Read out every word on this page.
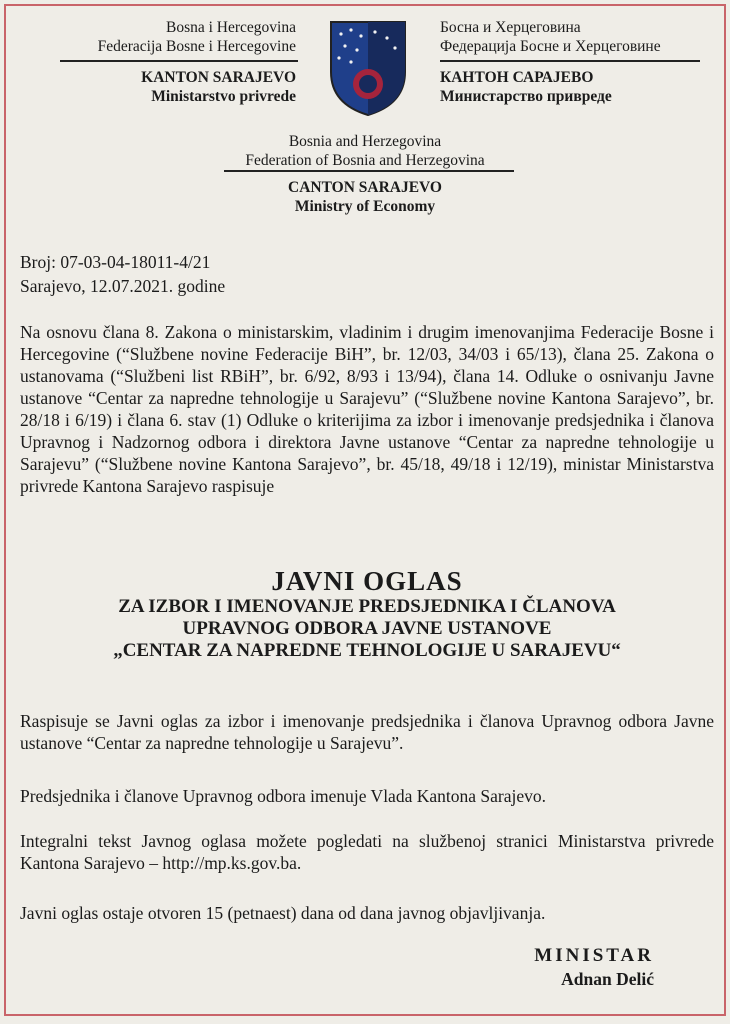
Bosna i Hercegovina
Federacija Bosne i Hercegovine
KANTON SARAJEVO
Ministarstvo privrede
Босна и Херцеговина
Федерација Босне и Херцеговине
КАНТОН САРАЈЕВО
Министарство привреде
Bosnia and Herzegovina
Federation of Bosnia and Herzegovina
CANTON SARAJEVO
Ministry of Economy
Broj: 07-03-04-18011-4/21
Sarajevo, 12.07.2021. godine

Na osnovu člana 8. Zakona o ministarskim, vladinim i drugim imenovanjima Federacije Bosne i Hercegovine (“Službene novine Federacije BiH”, br. 12/03, 34/03 i 65/13), člana 25. Zakona o ustanovama (“Službeni list RBiH”, br. 6/92, 8/93 i 13/94), člana 14. Odluke o osnivanju Javne ustanove “Centar za napredne tehnologije u Sarajevu” (“Službene novine Kantona Sarajevo”, br. 28/18 i 6/19) i člana 6. stav (1) Odluke o kriterijima za izbor i imenovanje predsjednika i članova Upravnog i Nadzornog odbora i direktora Javne ustanove “Centar za napredne tehnologije u Sarajevu” (“Službene novine Kantona Sarajevo”, br. 45/18, 49/18 i 12/19), ministar Ministarstva privrede Kantona Sarajevo raspisuje

JAVNI OGLAS
ZA IZBOR I IMENOVANJE PREDSJEDNIKA I ČLANOVA
UPRAVNOG ODBORA JAVNE USTANOVE
„CENTAR ZA NAPREDNE TEHNOLOGIJE U SARAJEVU“

Raspisuje se Javni oglas za izbor i imenovanje predsjednika i članova Upravnog odbora Javne ustanove “Centar za napredne tehnologije u Sarajevu”.

Predsjednika i članove Upravnog odbora imenuje Vlada Kantona Sarajevo.

Integralni tekst Javnog oglasa možete pogledati na službenoj stranici Ministarstva privrede Kantona Sarajevo – http://mp.ks.gov.ba.

Javni oglas ostaje otvoren 15 (petnaest) dana od dana javnog objavljivanja.

MINISTAR
Adnan Delić
